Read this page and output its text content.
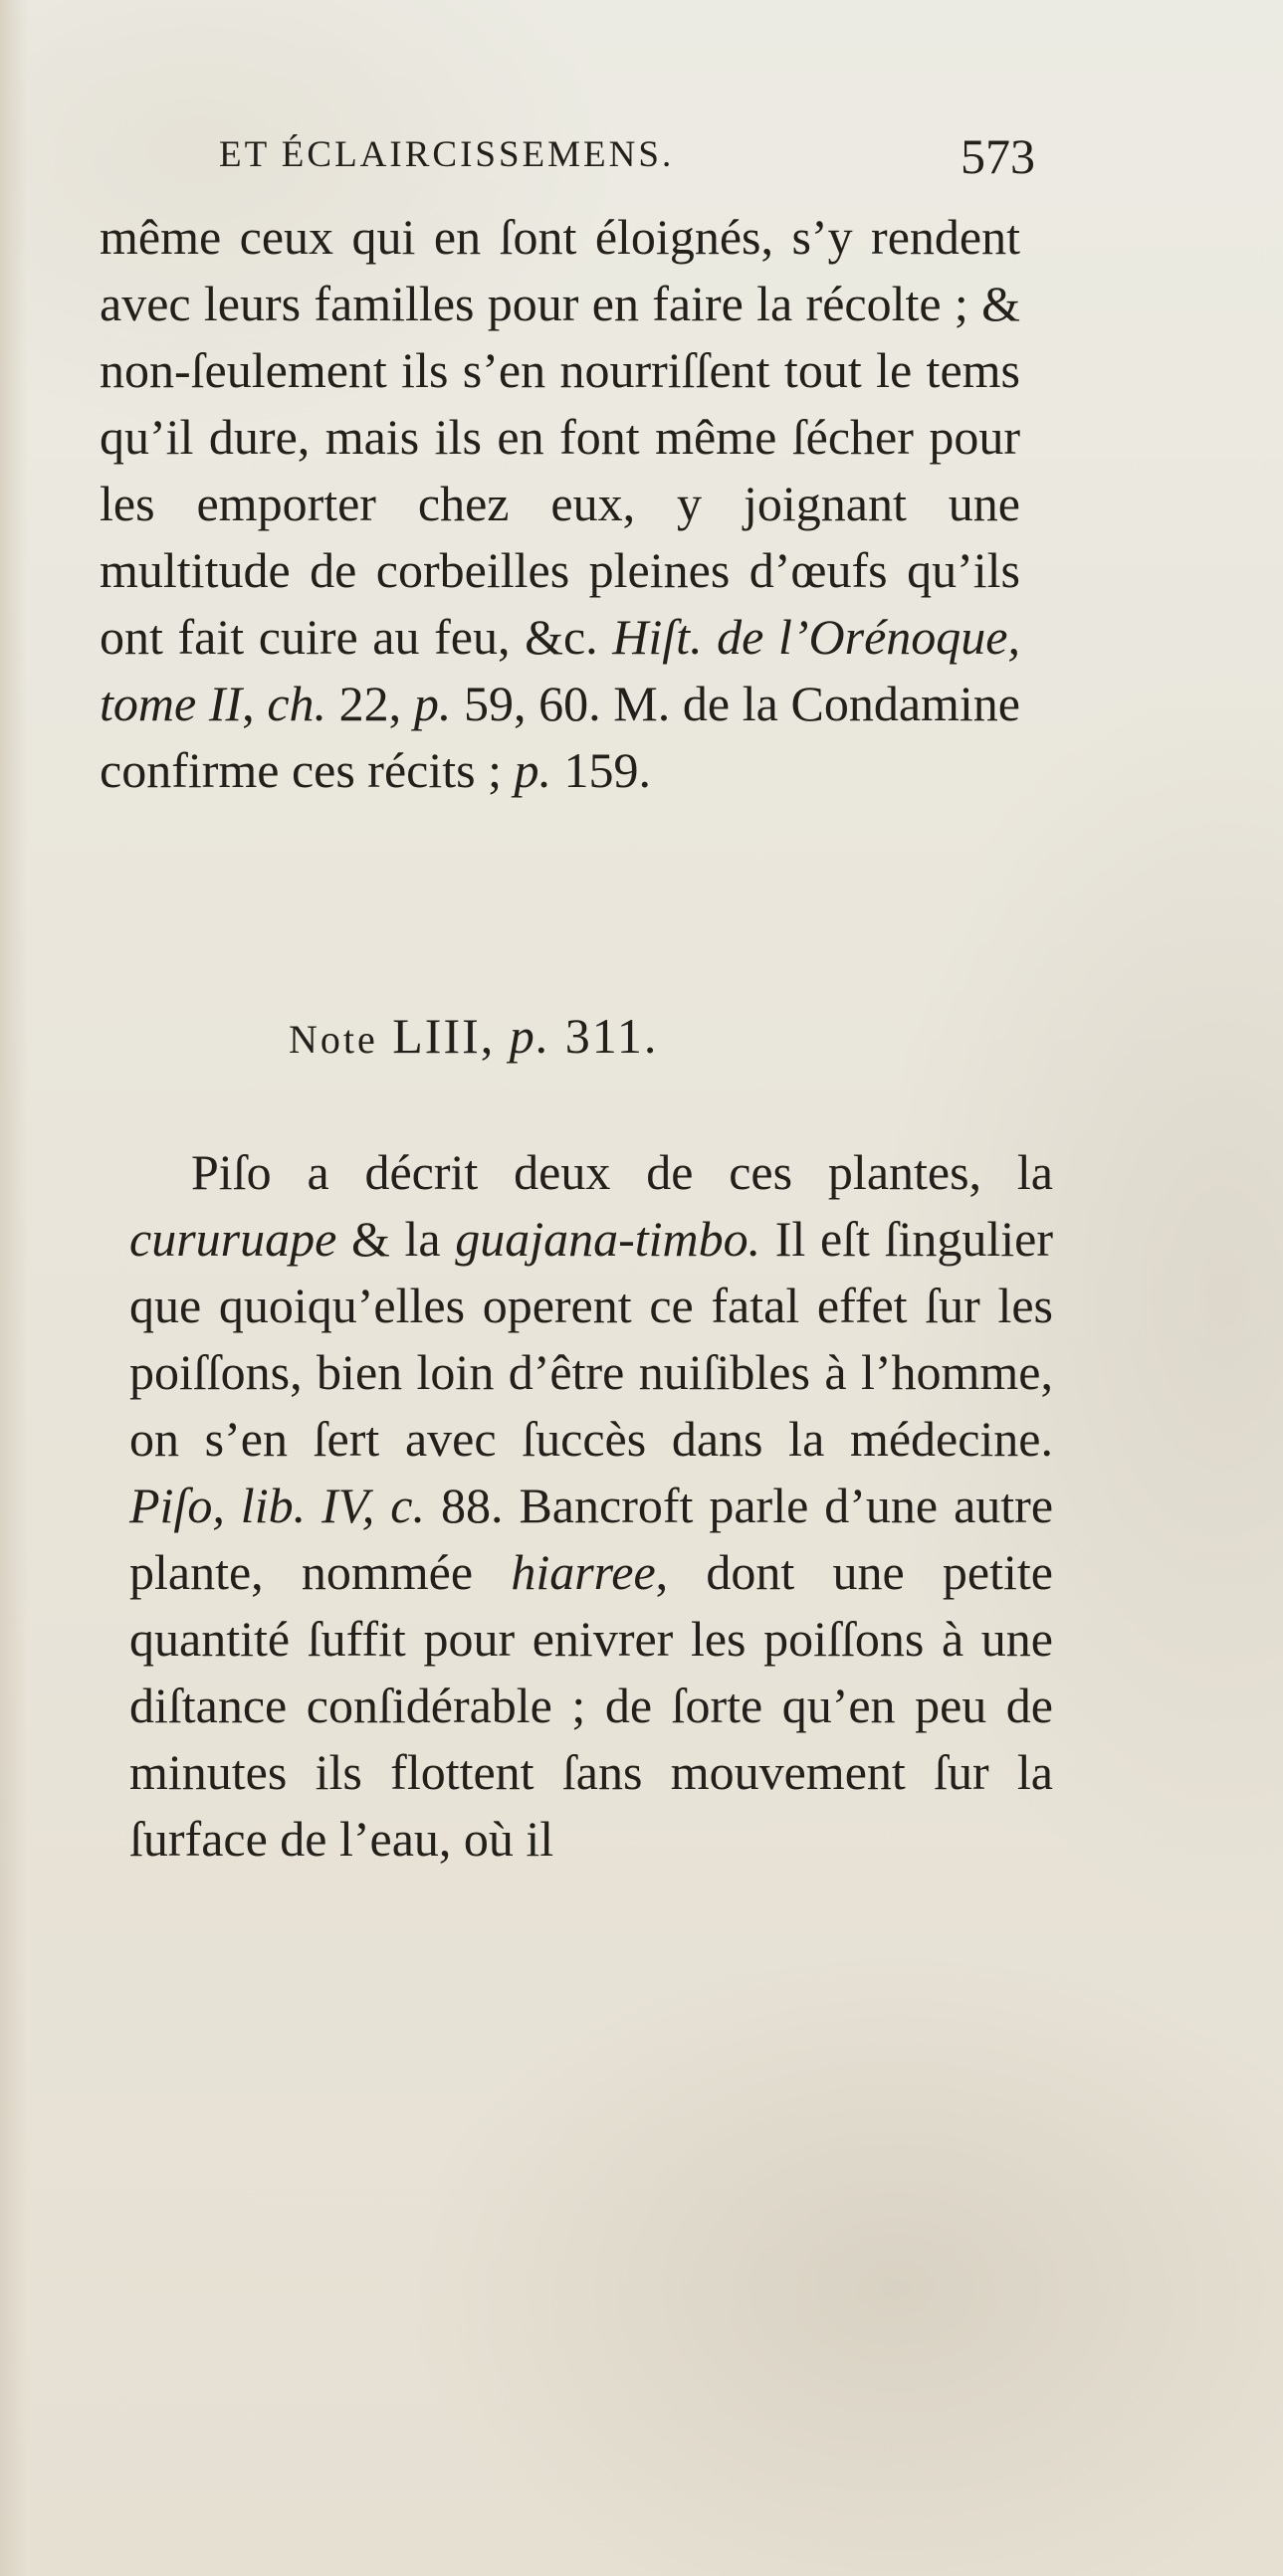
ET ÉCLAIRCISSEMENS.	573

même ceux qui en ſont éloignés, s’y rendent avec leurs familles pour en faire la récolte ; & non-ſeulement ils s’en nourriſſent tout le tems qu’il dure, mais ils en font même ſécher pour les emporter chez eux, y joignant une multitude de corbeilles pleines d’œufs qu’ils ont fait cuire au feu, &c. Hiſt. de l’Orénoque, tome II, ch. 22, p. 59, 60. M. de la Condamine confirme ces récits ; p. 159.

Note LIII, p. 311.

Piſo a décrit deux de ces plantes, la cururuape & la guajana-timbo. Il eſt ſingulier que quoiqu’elles operent ce fatal effet ſur les poiſſons, bien loin d’être nuiſibles à l’homme, on s’en ſert avec ſuccès dans la médecine. Piſo, lib. IV, c. 88. Bancroft parle d’une autre plante, nommée hiarree, dont une petite quantité ſuffit pour enivrer les poiſſons à une diſtance conſidérable ; de ſorte qu’en peu de minutes ils flottent ſans mouvement ſur la ſurface de l’eau, où il
